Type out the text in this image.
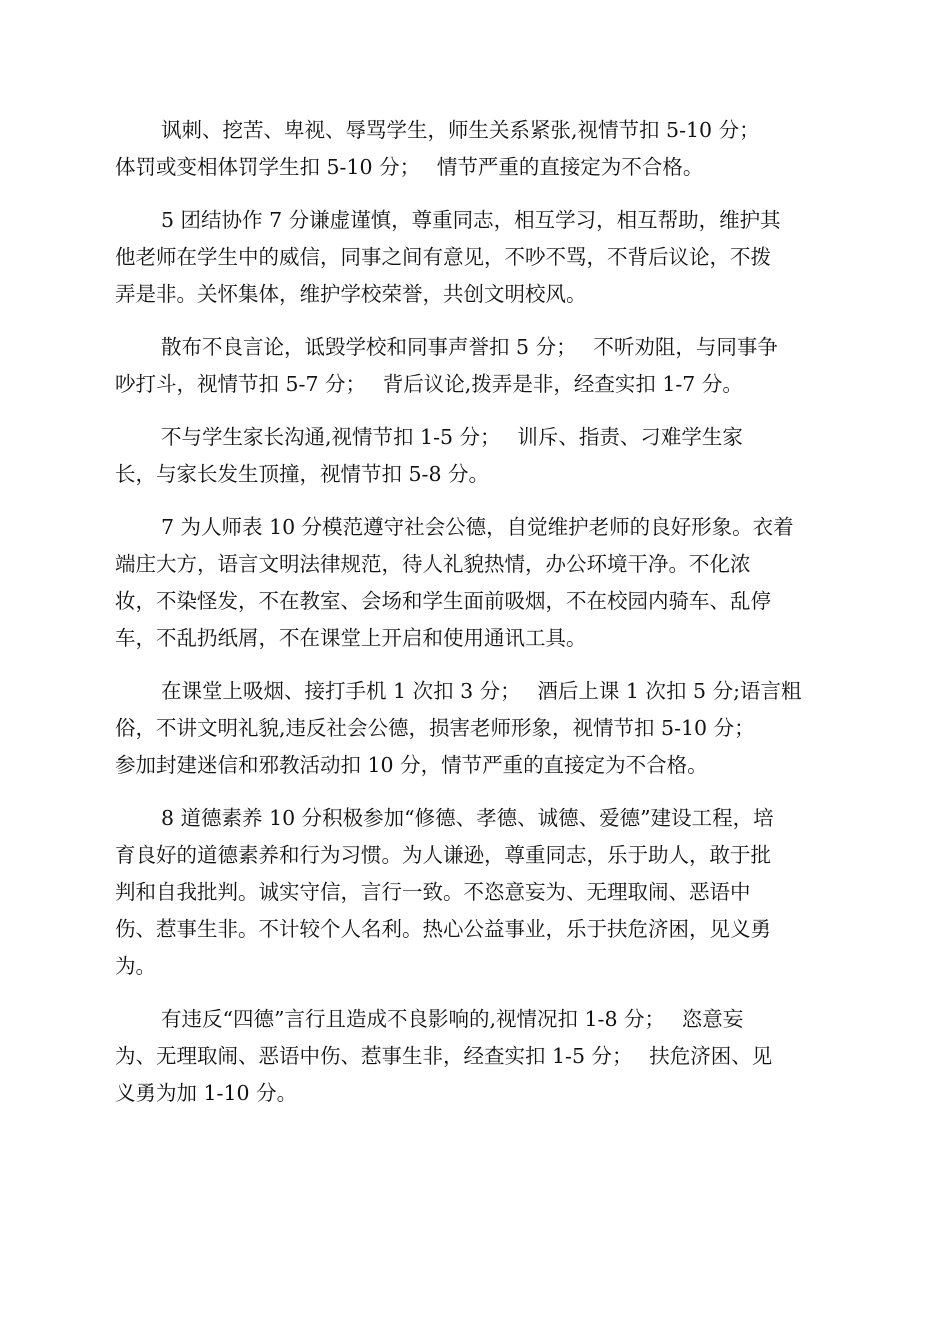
讽刺、挖苦、卑视、辱骂学生，师生关系紧张,视情节扣 5-10 分；
体罚或变相体罚学生扣 5-10 分；　 情节严重的直接定为不合格。

5 团结协作 7 分谦虚谨慎，尊重同志，相互学习，相互帮助，维护其
他老师在学生中的威信，同事之间有意见，不吵不骂，不背后议论，不拨
弄是非。关怀集体，维护学校荣誉，共创文明校风。

散布不良言论，诋毁学校和同事声誉扣 5 分；　 不听劝阻，与同事争
吵打斗，视情节扣 5-7 分；　 背后议论,拨弄是非，经查实扣 1-7 分。

不与学生家长沟通,视情节扣 1-5 分；　 训斥、指责、刁难学生家
长，与家长发生顶撞，视情节扣 5-8 分。

7 为人师表 10 分模范遵守社会公德，自觉维护老师的良好形象。衣着
端庄大方，语言文明法律规范，待人礼貌热情，办公环境干净。不化浓
妆，不染怪发，不在教室、会场和学生面前吸烟，不在校园内骑车、乱停
车，不乱扔纸屑，不在课堂上开启和使用通讯工具。

在课堂上吸烟、接打手机 1 次扣 3 分；　 酒后上课 1 次扣 5 分;语言粗
俗，不讲文明礼貌,违反社会公德，损害老师形象，视情节扣 5-10 分；
参加封建迷信和邪教活动扣 10 分，情节严重的直接定为不合格。

8 道德素养 10 分积极参加“修德、孝德、诚德、爱德”建设工程，培
育良好的道德素养和行为习惯。为人谦逊，尊重同志，乐于助人，敢于批
判和自我批判。诚实守信，言行一致。不恣意妄为、无理取闹、恶语中
伤、惹事生非。不计较个人名利。热心公益事业，乐于扶危济困，见义勇
为。

有违反“四德”言行且造成不良影响的,视情况扣 1-8 分；　 恣意妄
为、无理取闹、恶语中伤、惹事生非，经查实扣 1-5 分；　 扶危济困、见
义勇为加 1-10 分。
